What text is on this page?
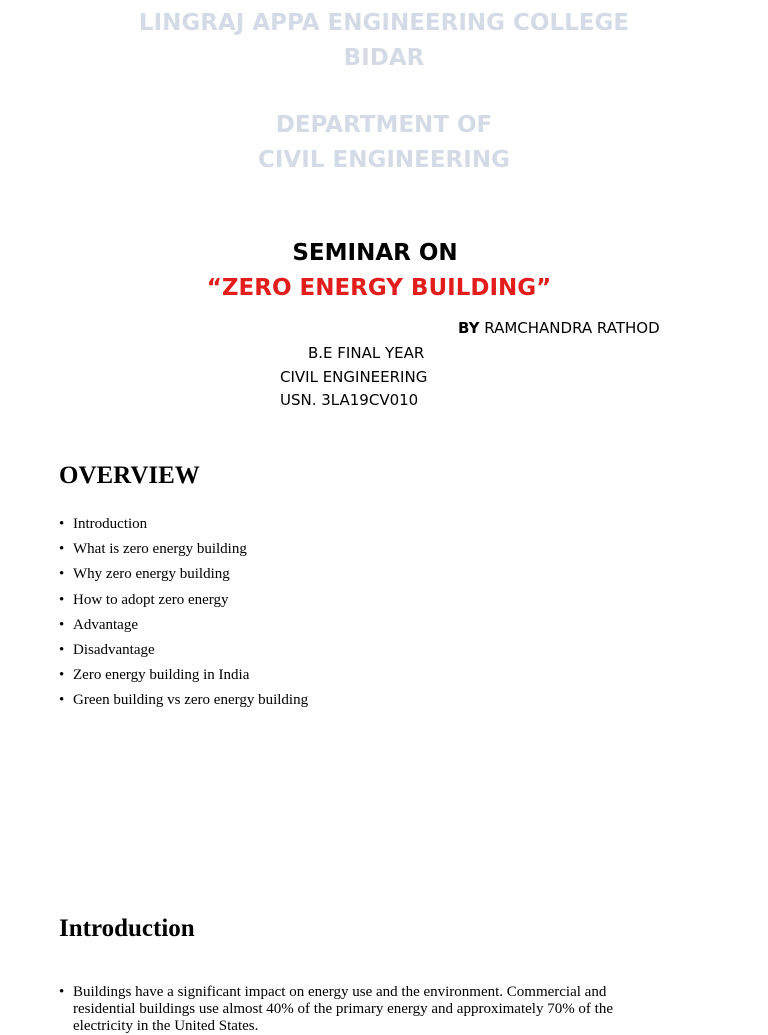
LINGRAJ APPA ENGINEERING COLLEGE
BIDAR
DEPARTMENT OF
CIVIL ENGINEERING
SEMINAR ON
“ZERO ENERGY BUILDING”
BY RAMCHANDRA RATHOD
B.E FINAL YEAR
CIVIL ENGINEERING
USN. 3LA19CV010
OVERVIEW
• Introduction
• What is zero energy building
• Why zero energy building
• How to adopt zero energy
• Advantage
• Disadvantage
• Zero energy building in India
• Green building vs zero energy building
Introduction
• Buildings have a significant impact on energy use and the environment. Commercial and residential buildings use almost 40% of the primary energy and approximately 70% of the electricity in the United States.
